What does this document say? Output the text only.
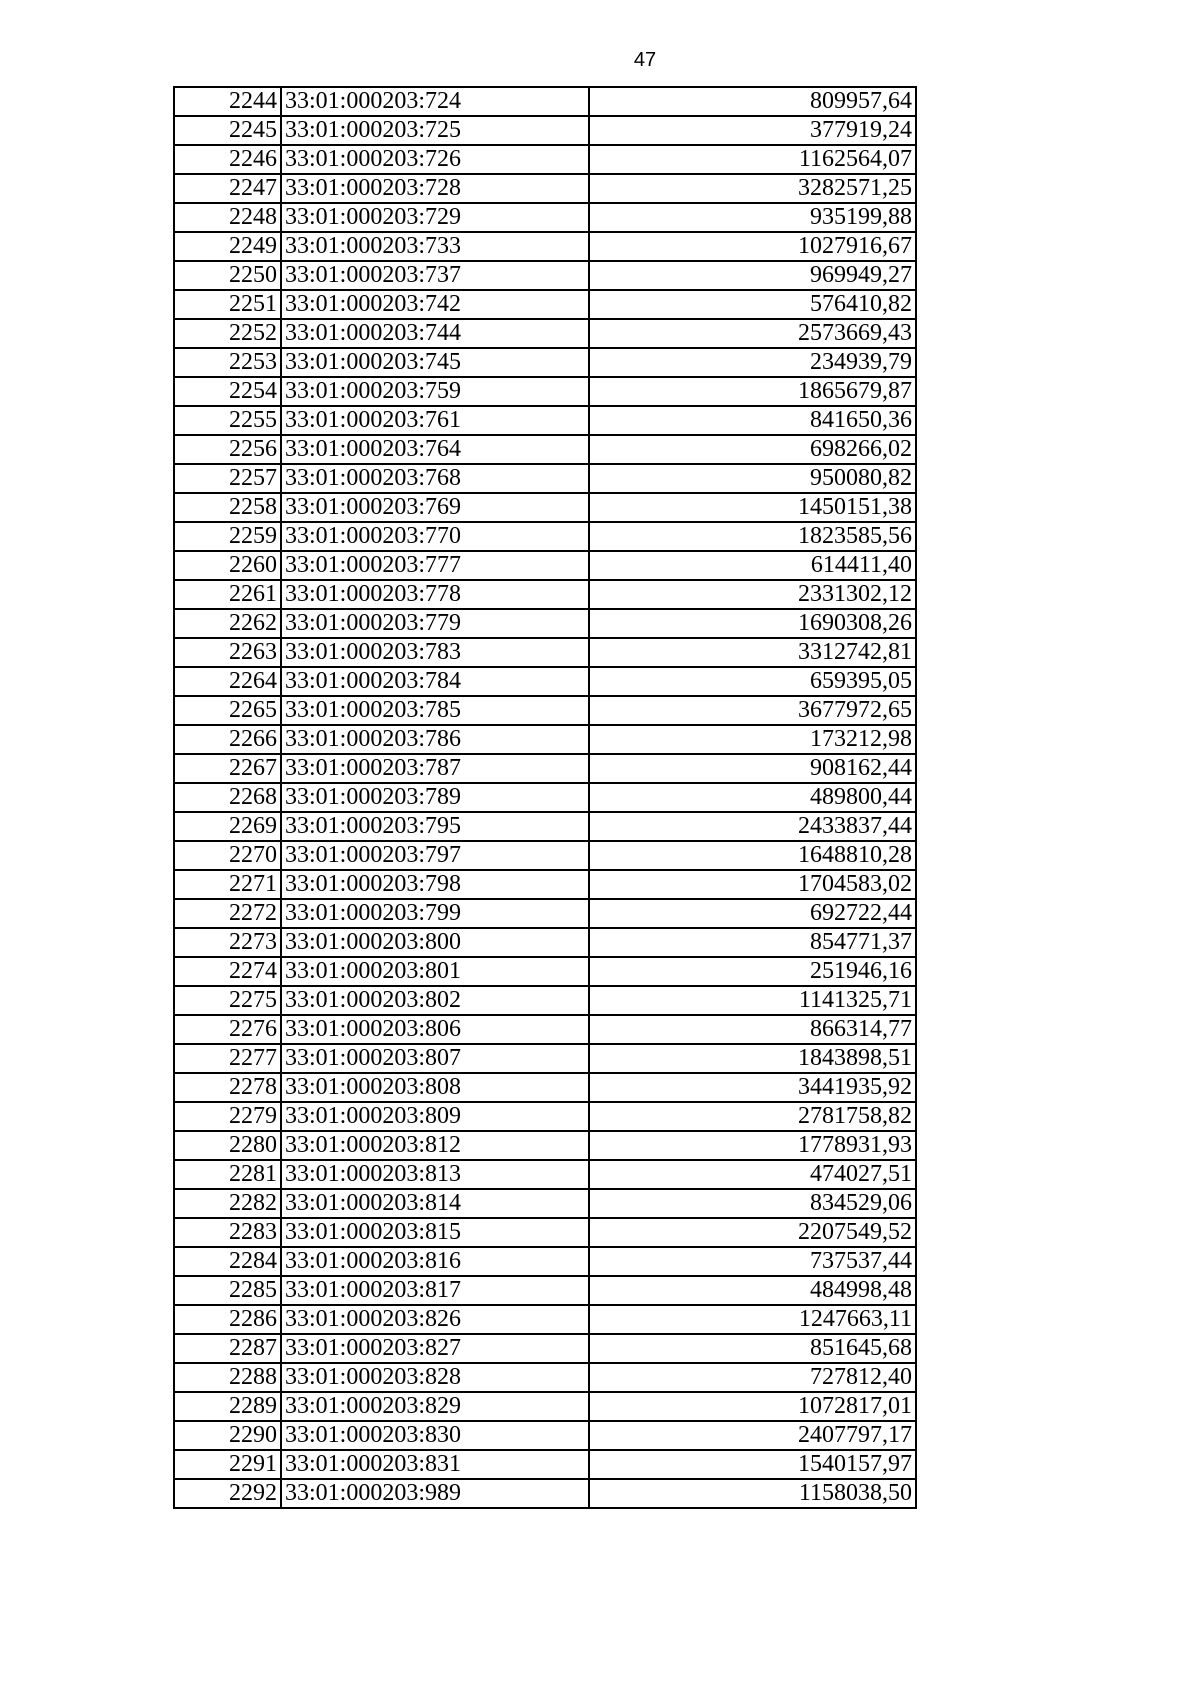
47
2244	33:01:000203:724	809957,64
2245	33:01:000203:725	377919,24
2246	33:01:000203:726	1162564,07
2247	33:01:000203:728	3282571,25
2248	33:01:000203:729	935199,88
2249	33:01:000203:733	1027916,67
2250	33:01:000203:737	969949,27
2251	33:01:000203:742	576410,82
2252	33:01:000203:744	2573669,43
2253	33:01:000203:745	234939,79
2254	33:01:000203:759	1865679,87
2255	33:01:000203:761	841650,36
2256	33:01:000203:764	698266,02
2257	33:01:000203:768	950080,82
2258	33:01:000203:769	1450151,38
2259	33:01:000203:770	1823585,56
2260	33:01:000203:777	614411,40
2261	33:01:000203:778	2331302,12
2262	33:01:000203:779	1690308,26
2263	33:01:000203:783	3312742,81
2264	33:01:000203:784	659395,05
2265	33:01:000203:785	3677972,65
2266	33:01:000203:786	173212,98
2267	33:01:000203:787	908162,44
2268	33:01:000203:789	489800,44
2269	33:01:000203:795	2433837,44
2270	33:01:000203:797	1648810,28
2271	33:01:000203:798	1704583,02
2272	33:01:000203:799	692722,44
2273	33:01:000203:800	854771,37
2274	33:01:000203:801	251946,16
2275	33:01:000203:802	1141325,71
2276	33:01:000203:806	866314,77
2277	33:01:000203:807	1843898,51
2278	33:01:000203:808	3441935,92
2279	33:01:000203:809	2781758,82
2280	33:01:000203:812	1778931,93
2281	33:01:000203:813	474027,51
2282	33:01:000203:814	834529,06
2283	33:01:000203:815	2207549,52
2284	33:01:000203:816	737537,44
2285	33:01:000203:817	484998,48
2286	33:01:000203:826	1247663,11
2287	33:01:000203:827	851645,68
2288	33:01:000203:828	727812,40
2289	33:01:000203:829	1072817,01
2290	33:01:000203:830	2407797,17
2291	33:01:000203:831	1540157,97
2292	33:01:000203:989	1158038,50
